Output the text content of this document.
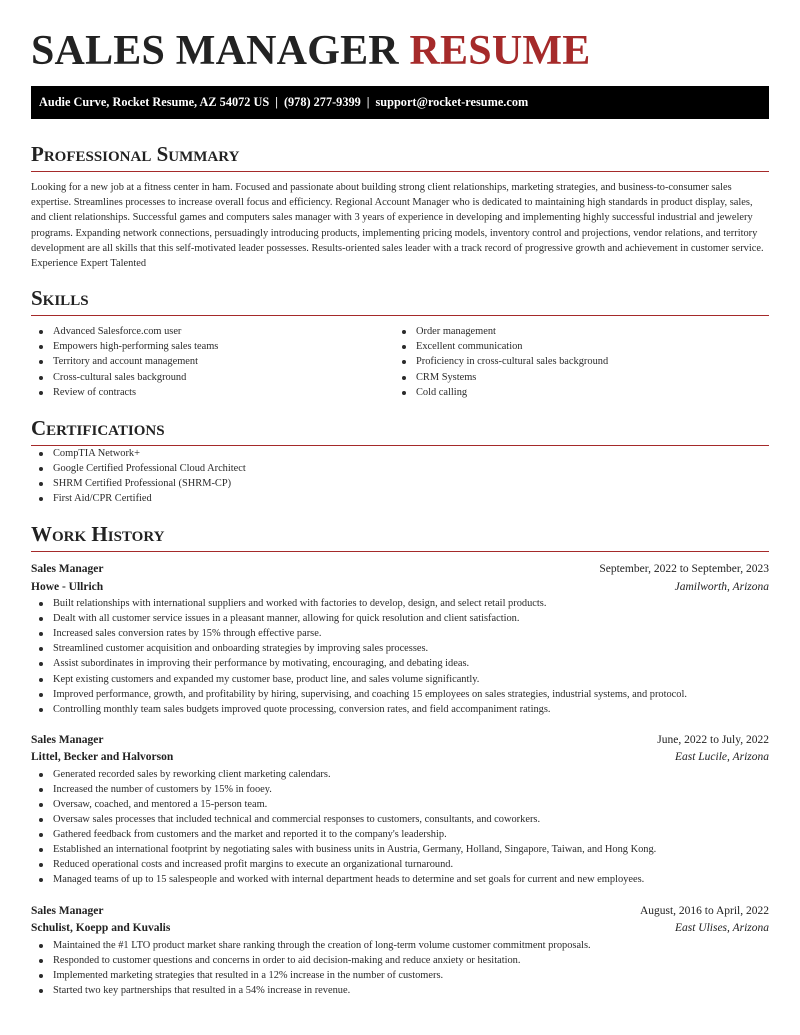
SALES MANAGER RESUME
Audie Curve, Rocket Resume, AZ 54072 US | (978) 277-9399 | support@rocket-resume.com
Professional Summary

Looking for a new job at a fitness center in ham. Focused and passionate about building strong client relationships, marketing strategies, and business-to-consumer sales expertise. Streamlines processes to increase overall focus and efficiency. Regional Account Manager who is dedicated to maintaining high standards in product display, sales, and client relationships. Successful games and computers sales manager with 3 years of experience in developing and implementing highly successful industrial and jewelery programs. Expanding network connections, persuadingly introducing products, implementing pricing models, inventory control and projections, vendor relations, and territory development are all skills that this self-motivated leader possesses. Results-oriented sales leader with a track record of progressive growth and achievement in customer service. Experience Expert Talented

Skills
Advanced Salesforce.com user
Empowers high-performing sales teams
Territory and account management
Cross-cultural sales background
Review of contracts
Order management
Excellent communication
Proficiency in cross-cultural sales background
CRM Systems
Cold calling
Certifications
CompTIA Network+
Google Certified Professional Cloud Architect
SHRM Certified Professional (SHRM-CP)
First Aid/CPR Certified
Work History
Sales Manager	September, 2022 to September, 2023
Howe - Ullrich	Jamilworth, Arizona
Built relationships with international suppliers and worked with factories to develop, design, and select retail products.
Dealt with all customer service issues in a pleasant manner, allowing for quick resolution and client satisfaction.
Increased sales conversion rates by 15% through effective parse.
Streamlined customer acquisition and onboarding strategies by improving sales processes.
Assist subordinates in improving their performance by motivating, encouraging, and debating ideas.
Kept existing customers and expanded my customer base, product line, and sales volume significantly.
Improved performance, growth, and profitability by hiring, supervising, and coaching 15 employees on sales strategies, industrial systems, and protocol.
Controlling monthly team sales budgets improved quote processing, conversion rates, and field accompaniment ratings.
Sales Manager	June, 2022 to July, 2022
Littel, Becker and Halvorson	East Lucile, Arizona
Generated recorded sales by reworking client marketing calendars.
Increased the number of customers by 15% in fooey.
Oversaw, coached, and mentored a 15-person team.
Oversaw sales processes that included technical and commercial responses to customers, consultants, and coworkers.
Gathered feedback from customers and the market and reported it to the company's leadership.
Established an international footprint by negotiating sales with business units in Austria, Germany, Holland, Singapore, Taiwan, and Hong Kong.
Reduced operational costs and increased profit margins to execute an organizational turnaround.
Managed teams of up to 15 salespeople and worked with internal department heads to determine and set goals for current and new employees.
Sales Manager	August, 2016 to April, 2022
Schulist, Koepp and Kuvalis	East Ulises, Arizona
Maintained the #1 LTO product market share ranking through the creation of long-term volume customer commitment proposals.
Responded to customer questions and concerns in order to aid decision-making and reduce anxiety or hesitation.
Implemented marketing strategies that resulted in a 12% increase in the number of customers.
Started two key partnerships that resulted in a 54% increase in revenue.
